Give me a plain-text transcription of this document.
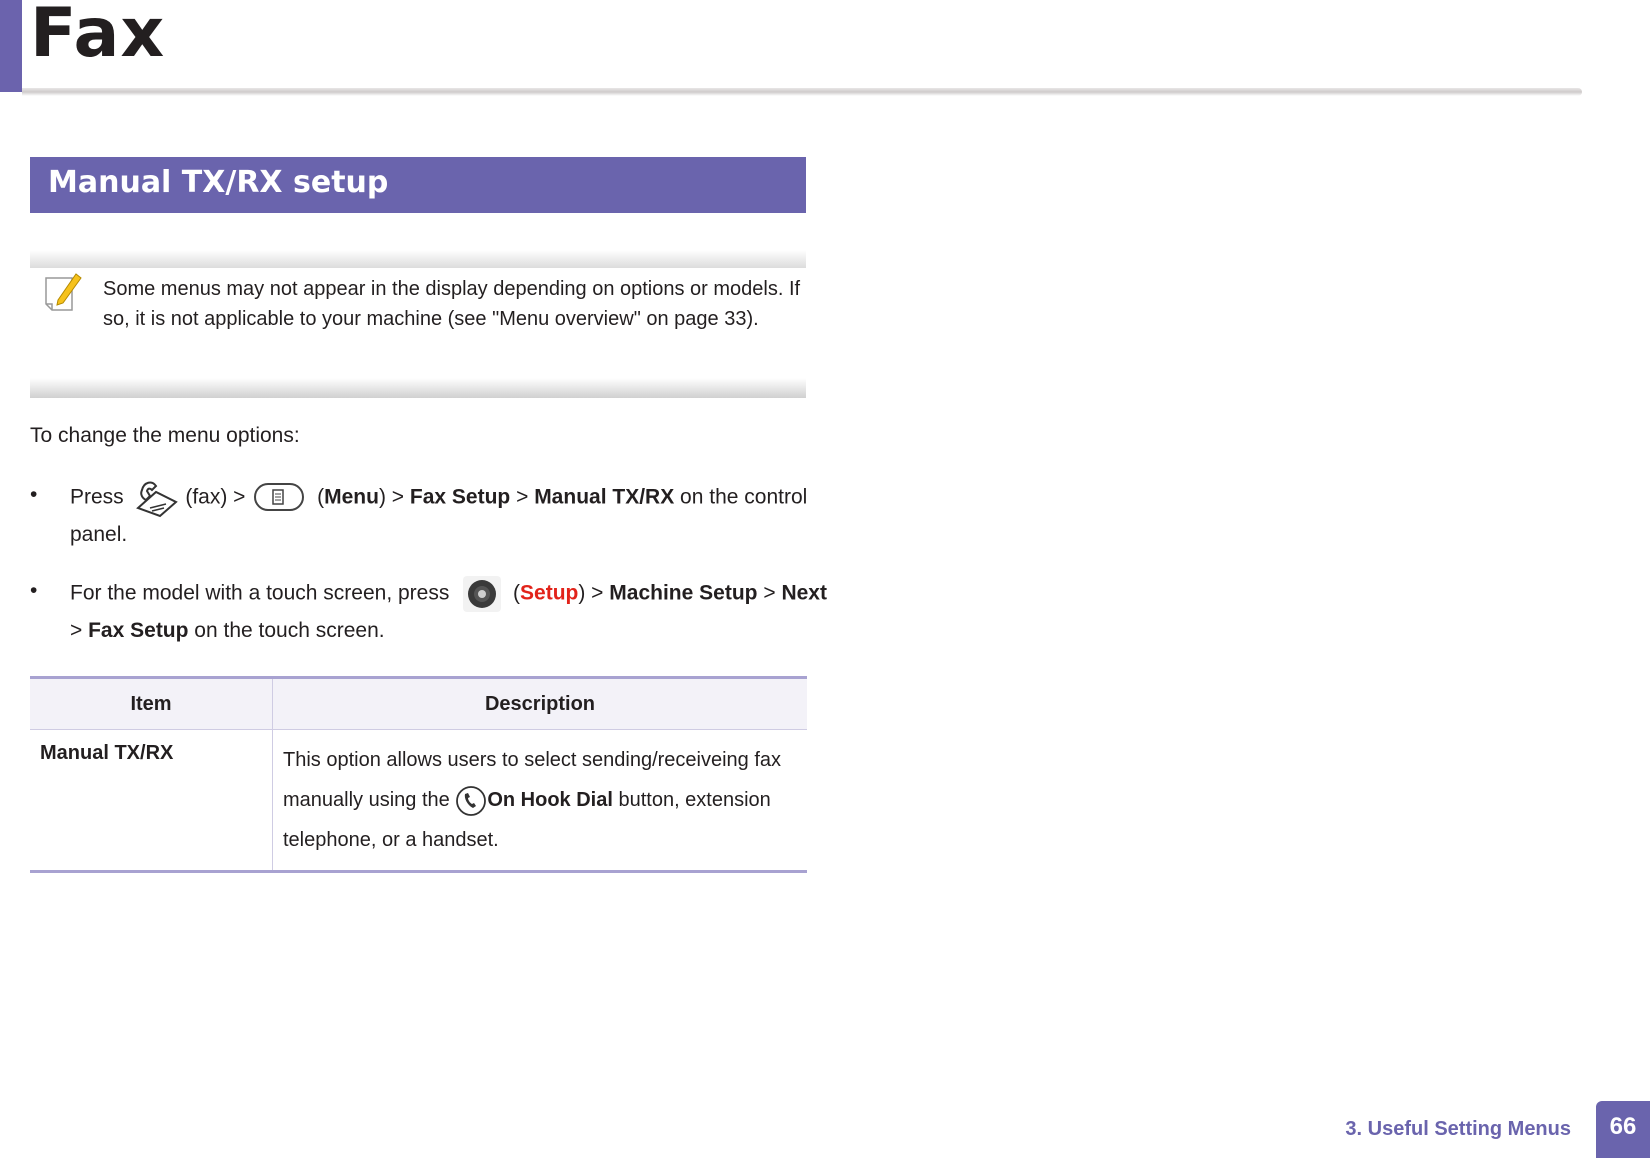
Fax
Manual TX/RX setup
Some menus may not appear in the display depending on options or models. If so, it is not applicable to your machine (see "Menu overview" on page 33).
To change the menu options:
•	Press  (fax) >	(Menu) > Fax Setup > Manual TX/RX on the control panel.
•	For the model with a touch screen, press  (Setup) > Machine Setup > Next > Fax Setup on the touch screen.
Item	Description
Manual TX/RX	This option allows users to select sending/receiveing fax manually using the On Hook Dial button, extension telephone, or a handset.
3. Useful Setting Menus	66
